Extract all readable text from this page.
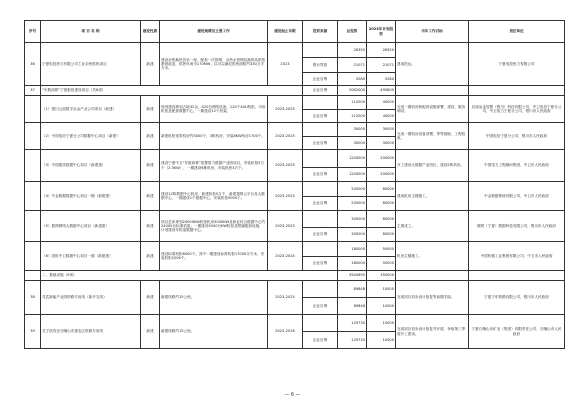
序号	项 目 名 称	建设性质	建设规模及主要工作	建设起止年限	投资来源	总投资	2023年计划投资	当年工作目标	责任单位
36	宁夏电投热力有限公司工业余热供热项目	新建	建设余热换热首站一座、配套一次管网、余热水管网及换热站供热系统改造，供热负荷为170MW，以可以满足供热面积约330万平方米。	2023		26350	26350	建成投运。	宁夏电投热力有限公司
					银行贷款	21071	21071		
					企业自筹	5280	5280		
37	“东数西算”宁夏枢纽建设项目（共6项）				企业自筹	2062000	495800		
	（1）银川云创数字冶金产业公司项目（新建）	新建	规划建设规划占地32亩，420台网络设备，120个40U机柜，可用机柜及配套数据中心，一期建设12个机架。	2023-2025		112000	40000	完成一期机房和配套设施部署，建设，服务调试。	启迪冶金智慧（银川）科技有限公司，中卫电信宁夏分公司，中卫电力宁夏分公司，银川市人民政府
					企业自筹	112000	40000		
	（2）中国电信宁夏分公司数据中心项目（新建）	新建	新建机柜宽带机房约3000个，3栋机房，安装8KW机房1700个。	2023-2025		30000	30000	完成一期机房设备部署，等等基础，工程验收。	中国电信宁夏分公司，银川市人民政府
					企业自筹	30000	30000		
	（3）中国建设数据中心项目（新建建）	新建	建设宁夏中卫“东数西算”智慧算力数据产业园项目，安装机柜5万个（2.5KW），一期建设6栋机房，安装机柜3万个。	2023-2025		1240000	200000	开工建设大数据产业园区，建设2栋机房。	中国电力工程顾问集团，中卫市人民政府
					企业自筹	1240000	200000		
	（4）中金数据数据中心项目一期（新建建）	新建	建设12栋数据中心机房，新建机柜5万个，新建超算云平台及大数据中心，一期建设1个数据中心，安装机柜5000个。	2023-2025		200000	80000	建成机房主楼施工。	中金数据系统有限公司，中卫市人民政府
					企业自筹	200000	80000		
	（5）数网网络大数据中心项目（新建建）	新建	项目总体规划20000KW机柜机房5000KW及商业综合数据中心约24000台标准机架；一期建设5000台KW机柜及附属配套设施，计划建设年机架数据中心。	2023-2025		300000	80000	主建成工。	数网（宁夏）数据科技有限公司，银川市人民政府
					企业自筹	300000	80000		
	（6）国机中卫数据中心项目一期（新建建）	新建	建设标准机柜6000个。其中一期建设标准机柜17000平方米，安装机柜2000个。	2023-2024		180000	50000	机房主楼施工。	中国机械工业集团有限公司，中卫市人民政府
					企业自筹	180000	50000		
	二、基础设施（9项）					3540695	350000		
38	灵武新能产业园铁路专用线（新开支线）	新建	新建线路约15公里。	2023-2025		89848	10000	完成项目初步设计批复等前期手续。	宁夏宁东铁路有限公司，银川市人民政府
					企业自筹	89848	10000		
39	灵宁武线至石嘴山市惠农区铁路专用线	新建	新建线路约15公里。	2023-2026		129730	10000	完成项目初步设计批复并开展、争取第三季度开工建设。	宁夏石嘴山市矿业（集团）有限责任公司，石嘴山市人民政府
					企业自筹	129730	10000		
— 6 —
